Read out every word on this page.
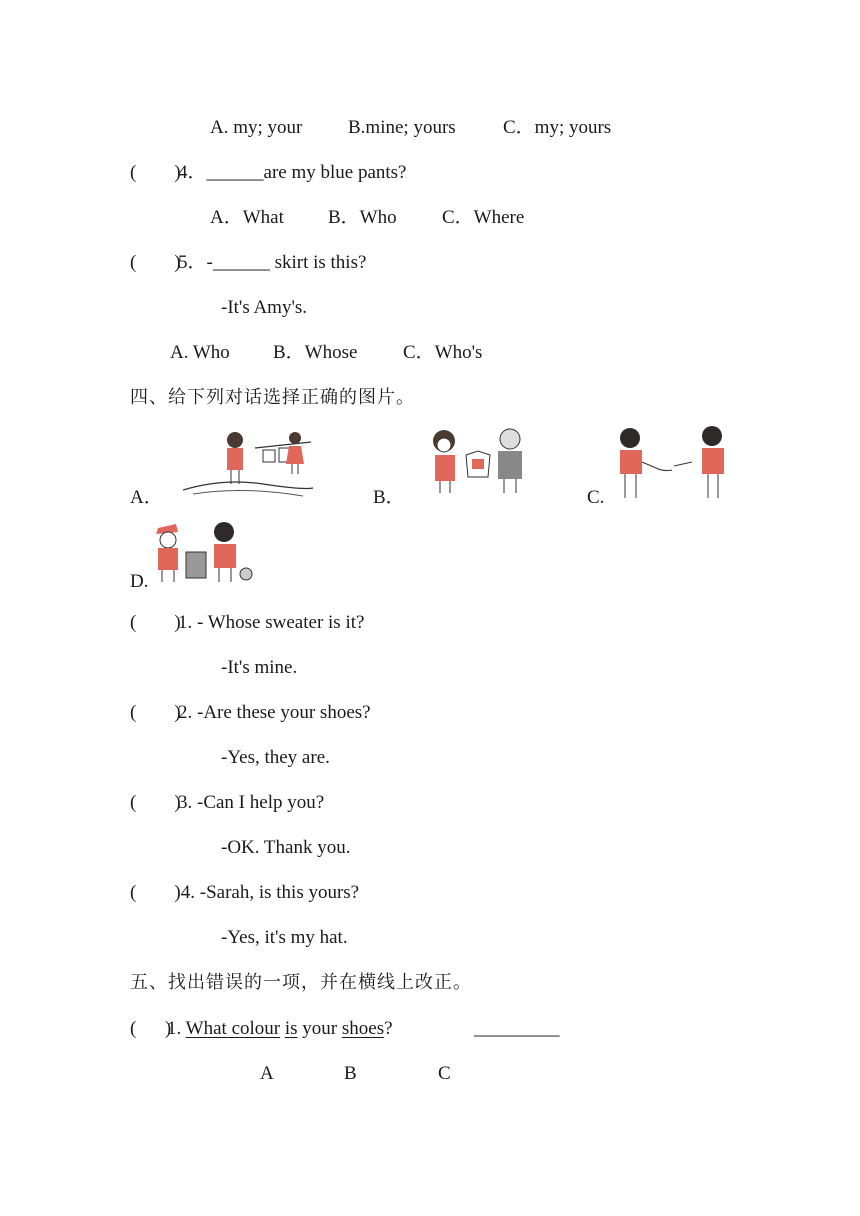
A. my; your B.mine; yours C．my; yours
(        )
4．______are my blue pants?
A．What B．Who C．Where
(        )
5．-______ skirt is this?
-It's Amy's.
A. Who B．Whose C．Who's
四、给下列对话选择正确的图片。
A．	B．	C.
D.
(        )
1. - Whose sweater is it?
-It's mine.
(        )
2. -Are these your shoes?
-Yes, they are.
(        )
3. -Can I help you?
-OK. Thank you.
(        )
4. -Sarah, is this yours?
-Yes, it's my hat.
五、找出错误的一项，并在横线上改正。
(      )
1. What colour is your shoes?	_________
A	B	C
